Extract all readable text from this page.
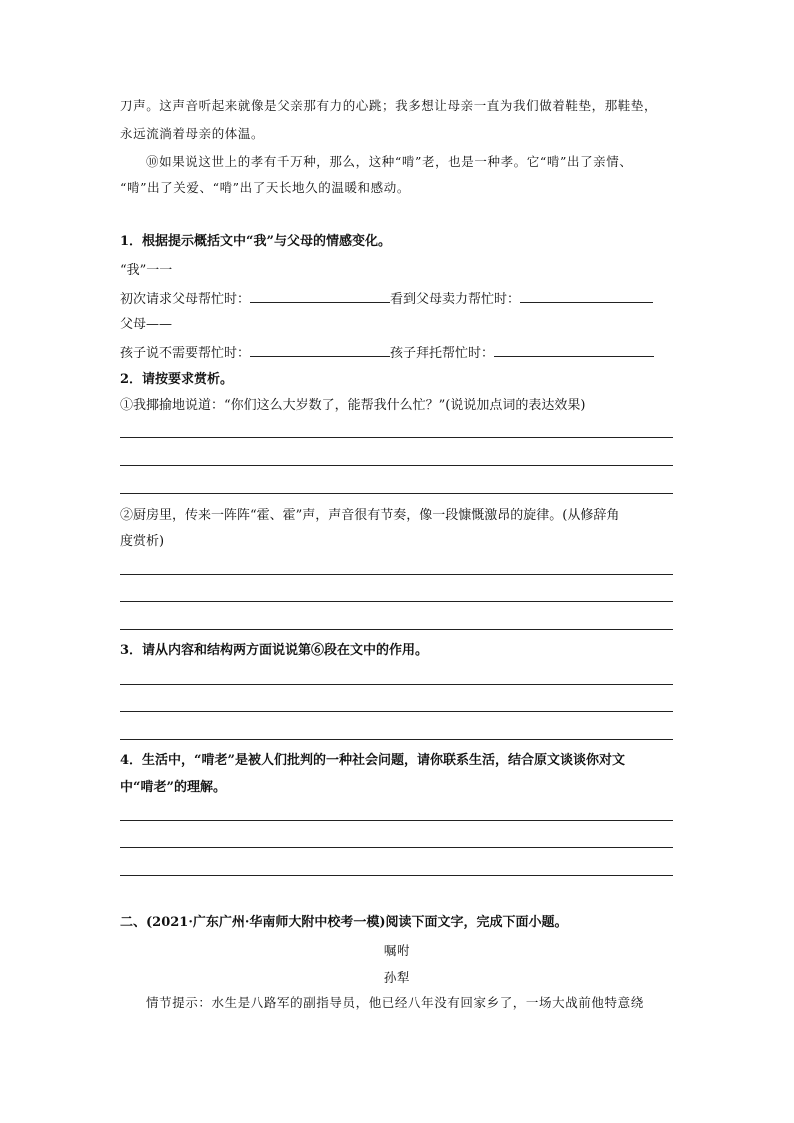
刀声。这声音听起来就像是父亲那有力的心跳；我多想让母亲一直为我们做着鞋垫，那鞋垫，
永远流淌着母亲的体温。
⑩如果说这世上的孝有千万种，那么，这种“啃”老，也是一种孝。它“啃”出了亲情、
“啃”出了关爱、“啃”出了天长地久的温暖和感动。
1．根据提示概括文中“我”与父母的情感变化。
“我”一一
初次请求父母帮忙时：	看到父母卖力帮忙时：
父母——
孩子说不需要帮忙时：	孩子拜托帮忙时：
2．请按要求赏析。
①我揶揄地说道：“你们这么大岁数了，能帮我什么忙？”(说说加点词的表达效果)
②厨房里，传来一阵阵“霍、霍”声，声音很有节奏，像一段慷慨激昂的旋律。(从修辞角
度赏析)
3．请从内容和结构两方面说说第⑥段在文中的作用。
4．生活中，“啃老”是被人们批判的一种社会问题，请你联系生活，结合原文谈谈你对文
中“啃老”的理解。
二、(2021·广东广州·华南师大附中校考一模)阅读下面文字，完成下面小题。
嘱咐
孙犁
情节提示：水生是八路军的副指导员，他已经八年没有回家乡了，一场大战前他特意绕
